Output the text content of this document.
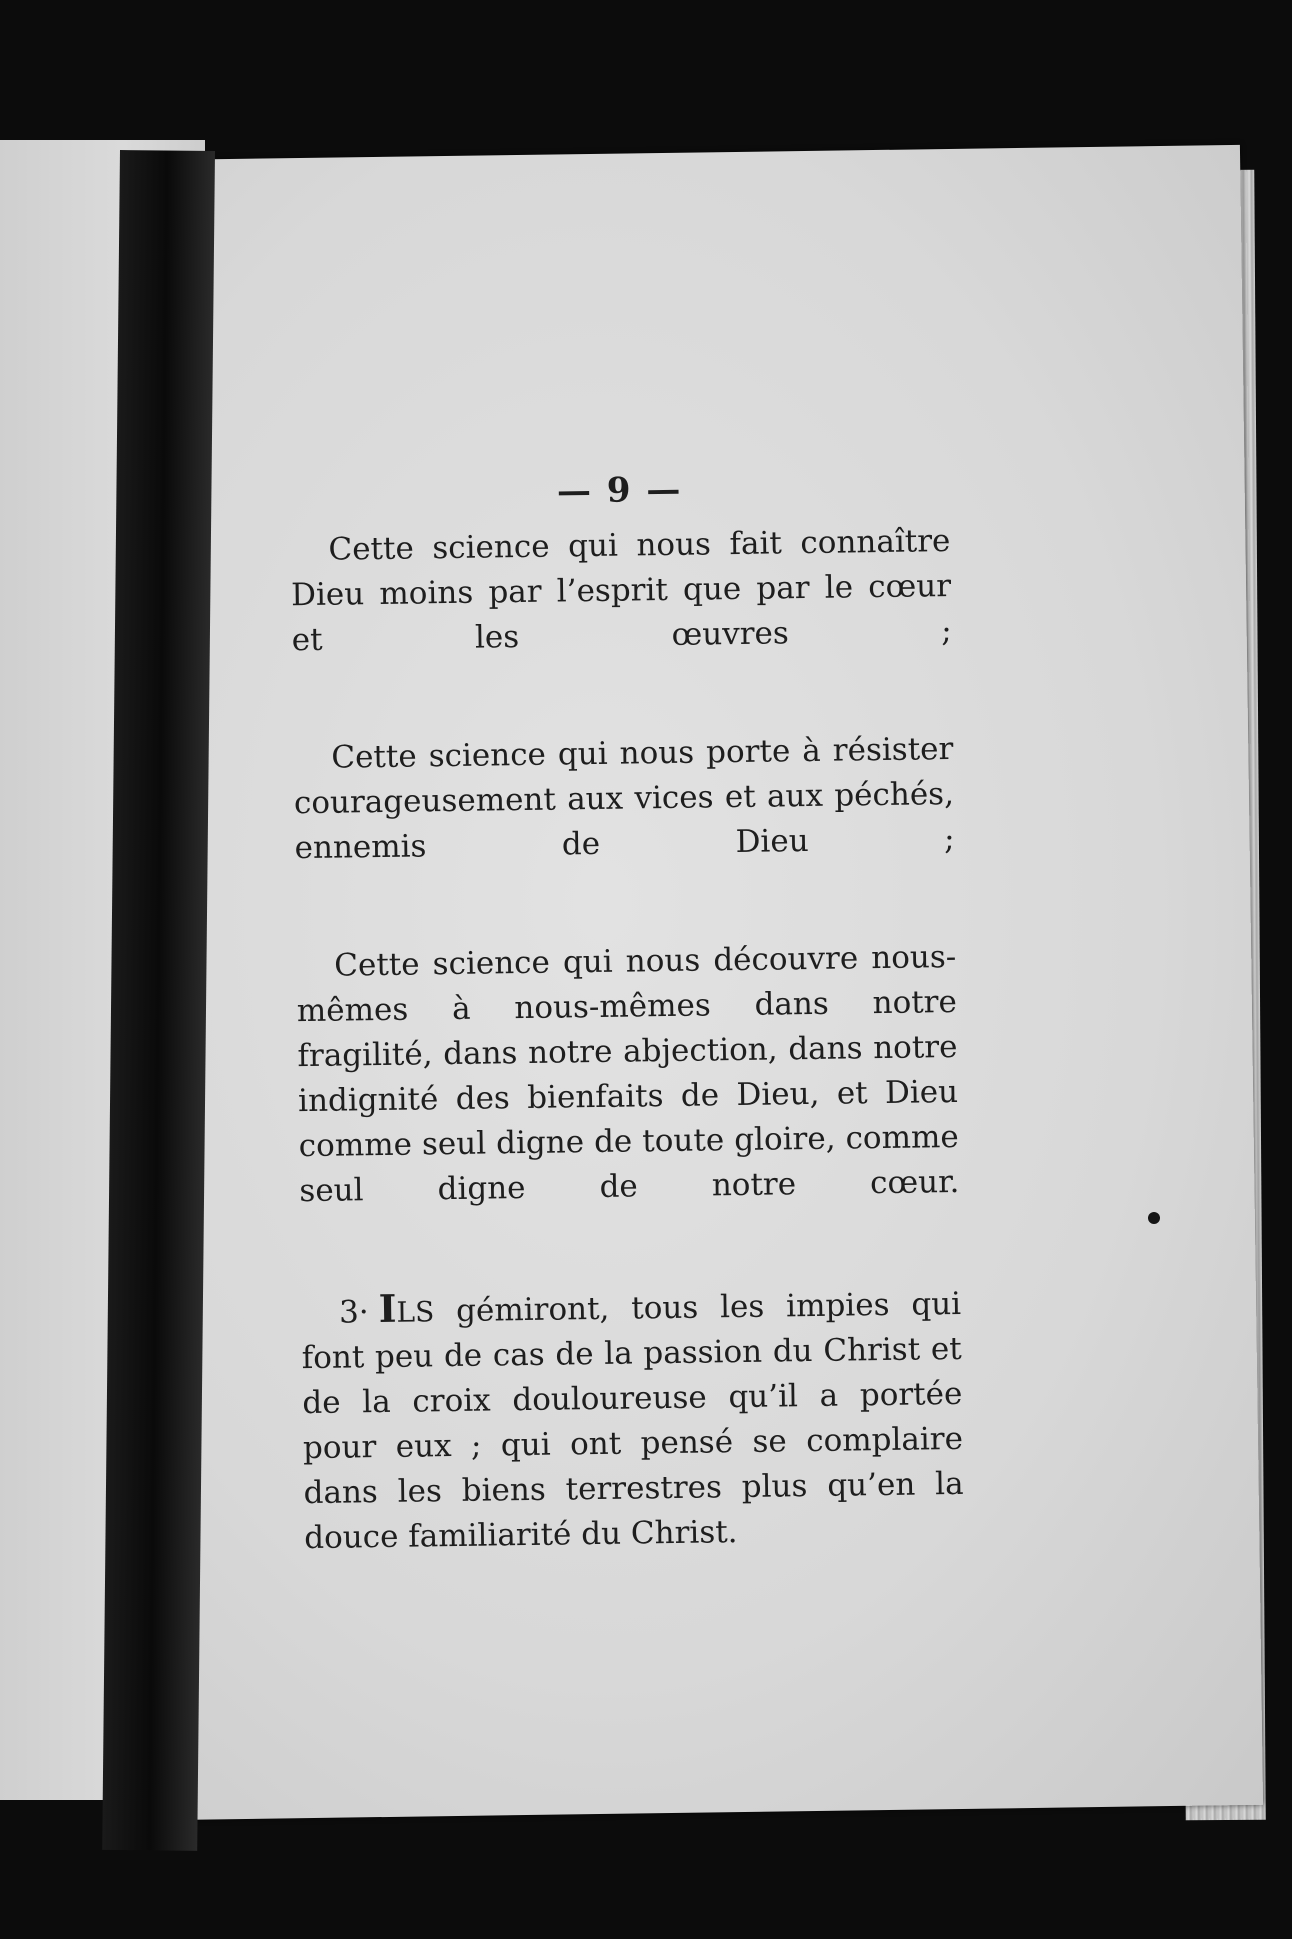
— 9 —

Cette science qui nous fait connaître Dieu moins par l’esprit que par le cœur et les œuvres ;

Cette science qui nous porte à résister courageusement aux vices et aux péchés, ennemis de Dieu ;

Cette science qui nous découvre nous-mêmes à nous-mêmes dans notre fragilité, dans notre abjection, dans notre indignité des bienfaits de Dieu, et Dieu comme seul digne de toute gloire, comme seul digne de notre cœur.

3· ILS gémiront, tous les impies qui font peu de cas de la passion du Christ et de la croix douloureuse qu’il a portée pour eux ; qui ont pensé se complaire dans les biens terrestres plus qu’en la douce familiarité du Christ.
